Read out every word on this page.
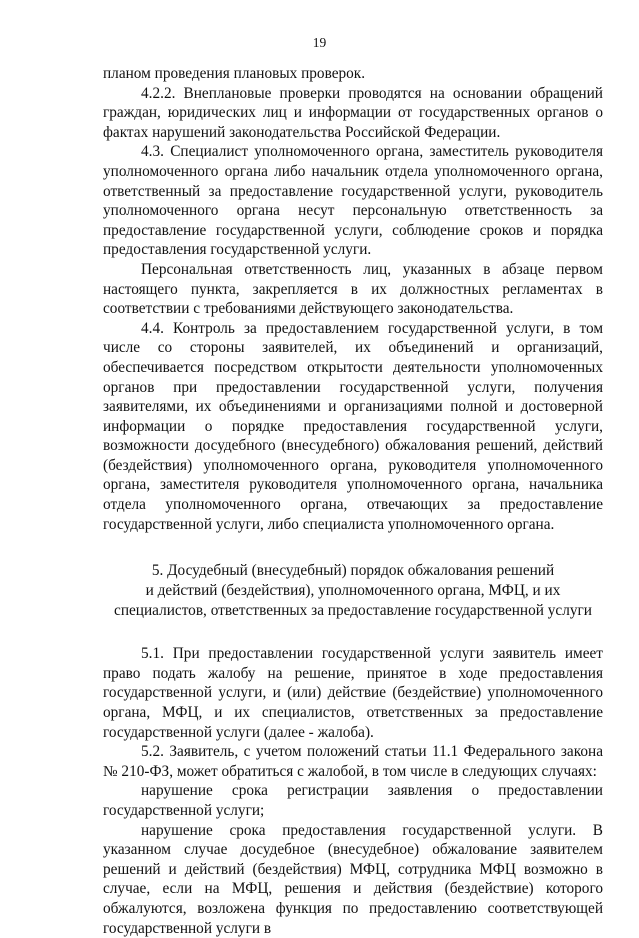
19

планом проведения плановых проверок.

4.2.2. Внеплановые проверки проводятся на основании обращений граждан, юридических лиц и информации от государственных органов о фактах нарушений законодательства Российской Федерации.

4.3. Специалист уполномоченного органа, заместитель руководителя уполномоченного органа либо начальник отдела уполномоченного органа, ответственный за предоставление государственной услуги, руководитель уполномоченного органа несут персональную ответственность за предоставление государственной услуги, соблюдение сроков и порядка предоставления государственной услуги.

Персональная ответственность лиц, указанных в абзаце первом настоящего пункта, закрепляется в их должностных регламентах в соответствии с требованиями действующего законодательства.

4.4. Контроль за предоставлением государственной услуги, в том числе со стороны заявителей, их объединений и организаций, обеспечивается посредством открытости деятельности уполномоченных органов при предоставлении государственной услуги, получения заявителями, их объединениями и организациями полной и достоверной информации о порядке предоставления государственной услуги, возможности досудебного (внесудебного) обжалования решений, действий (бездействия) уполномоченного органа, руководителя уполномоченного органа, заместителя руководителя уполномоченного органа, начальника отдела уполномоченного органа, отвечающих за предоставление государственной услуги, либо специалиста уполномоченного органа.

5. Досудебный (внесудебный) порядок обжалования решений
и действий (бездействия), уполномоченного органа, МФЦ, и их
специалистов, ответственных за предоставление государственной услуги

5.1. При предоставлении государственной услуги заявитель имеет право подать жалобу на решение, принятое в ходе предоставления государственной услуги, и (или) действие (бездействие) уполномоченного органа, МФЦ, и их специалистов, ответственных за предоставление государственной услуги (далее - жалоба).

5.2. Заявитель, с учетом положений статьи 11.1 Федерального закона № 210-ФЗ, может обратиться с жалобой, в том числе в следующих случаях:

нарушение срока регистрации заявления о предоставлении государственной услуги;

нарушение срока предоставления государственной услуги. В указанном случае досудебное (внесудебное) обжалование заявителем решений и действий (бездействия) МФЦ, сотрудника МФЦ возможно в случае, если на МФЦ, решения и действия (бездействие) которого обжалуются, возложена функция по предоставлению соответствующей государственной услуги в
